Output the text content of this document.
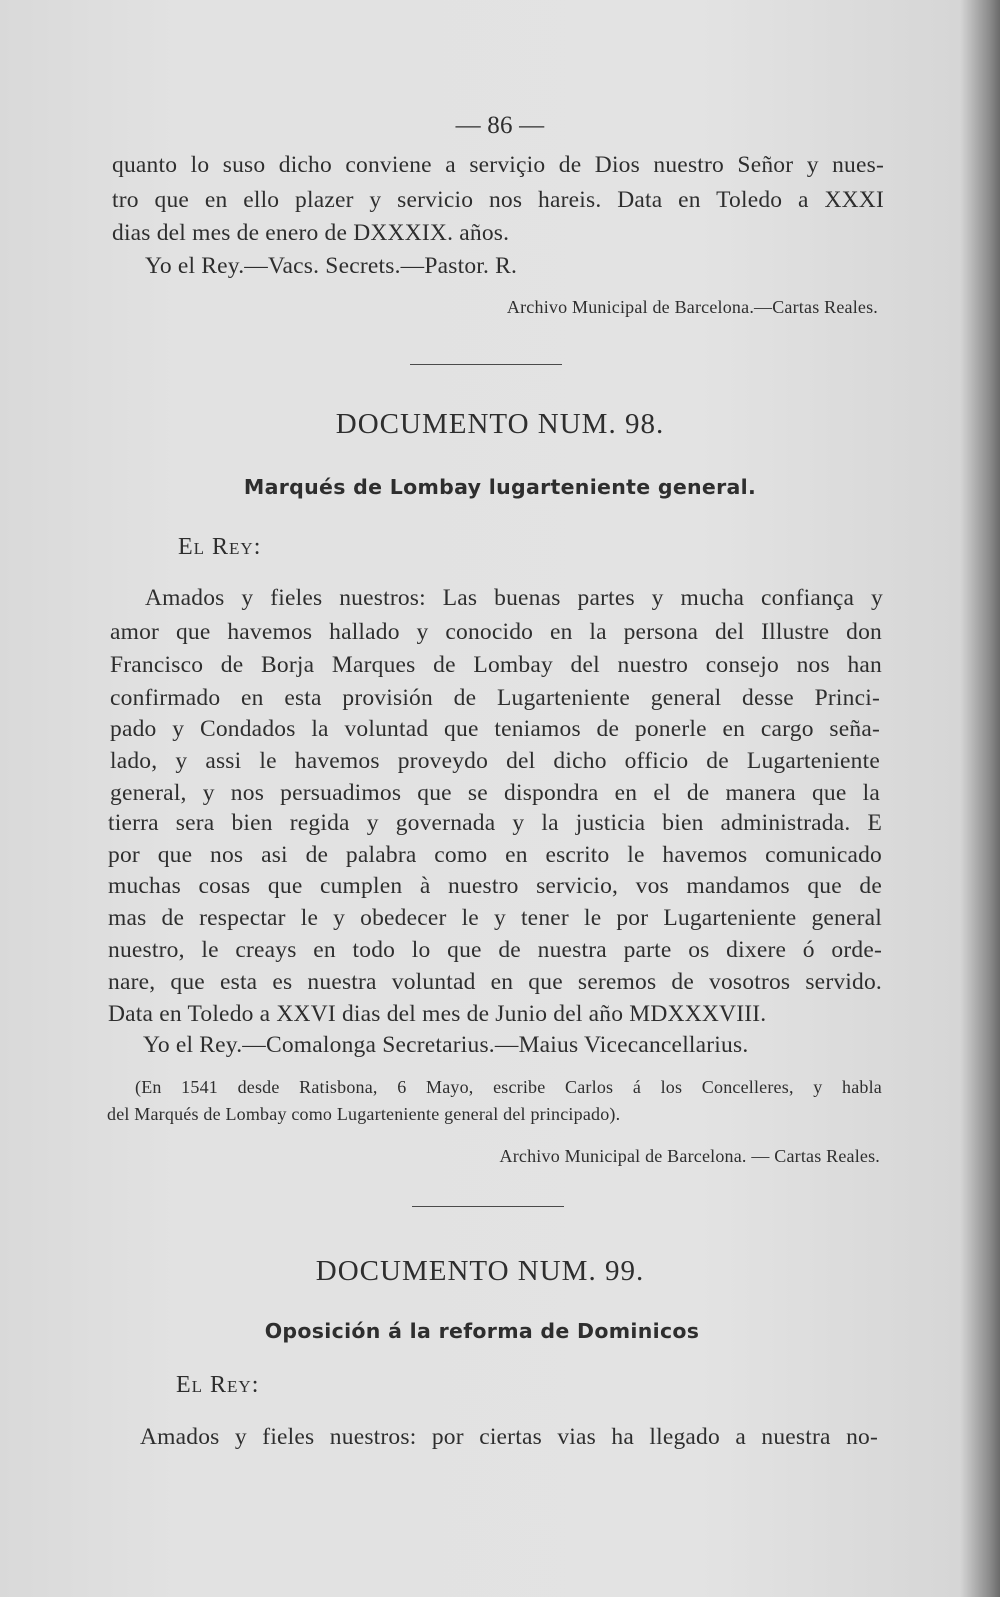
— 86 —
quanto lo suso dicho conviene a serviçio de Dios nuestro Señor y nues-
tro que en ello plazer y servicio nos hareis. Data en Toledo a XXXI
dias del mes de enero de DXXXIX. años.
Yo el Rey.—Vacs. Secrets.—Pastor. R.
Archivo Municipal de Barcelona.—Cartas Reales.
DOCUMENTO NUM. 98.
Marqués de Lombay lugarteniente general.
El Rey:
Amados y fieles nuestros: Las buenas partes y mucha confiança y
amor que havemos hallado y conocido en la persona del Illustre don
Francisco de Borja Marques de Lombay del nuestro consejo nos han
confirmado en esta provisión de Lugarteniente general desse Princi-
pado y Condados la voluntad que teniamos de ponerle en cargo seña-
lado, y assi le havemos proveydo del dicho officio de Lugarteniente
general, y nos persuadimos que se dispondra en el de manera que la
tierra sera bien regida y governada y la justicia bien administrada. E
por que nos asi de palabra como en escrito le havemos comunicado
muchas cosas que cumplen à nuestro servicio, vos mandamos que de
mas de respectar le y obedecer le y tener le por Lugarteniente general
nuestro, le creays en todo lo que de nuestra parte os dixere ó orde-
nare, que esta es nuestra voluntad en que seremos de vosotros servido.
Data en Toledo a XXVI dias del mes de Junio del año MDXXXVIII.
Yo el Rey.—Comalonga Secretarius.—Maius Vicecancellarius.
(En 1541 desde Ratisbona, 6 Mayo, escribe Carlos á los Concelleres, y habla
del Marqués de Lombay como Lugarteniente general del principado).
Archivo Municipal de Barcelona. — Cartas Reales.
DOCUMENTO NUM. 99.
Oposición á la reforma de Dominicos
El Rey:
Amados y fieles nuestros: por ciertas vias ha llegado a nuestra no-
